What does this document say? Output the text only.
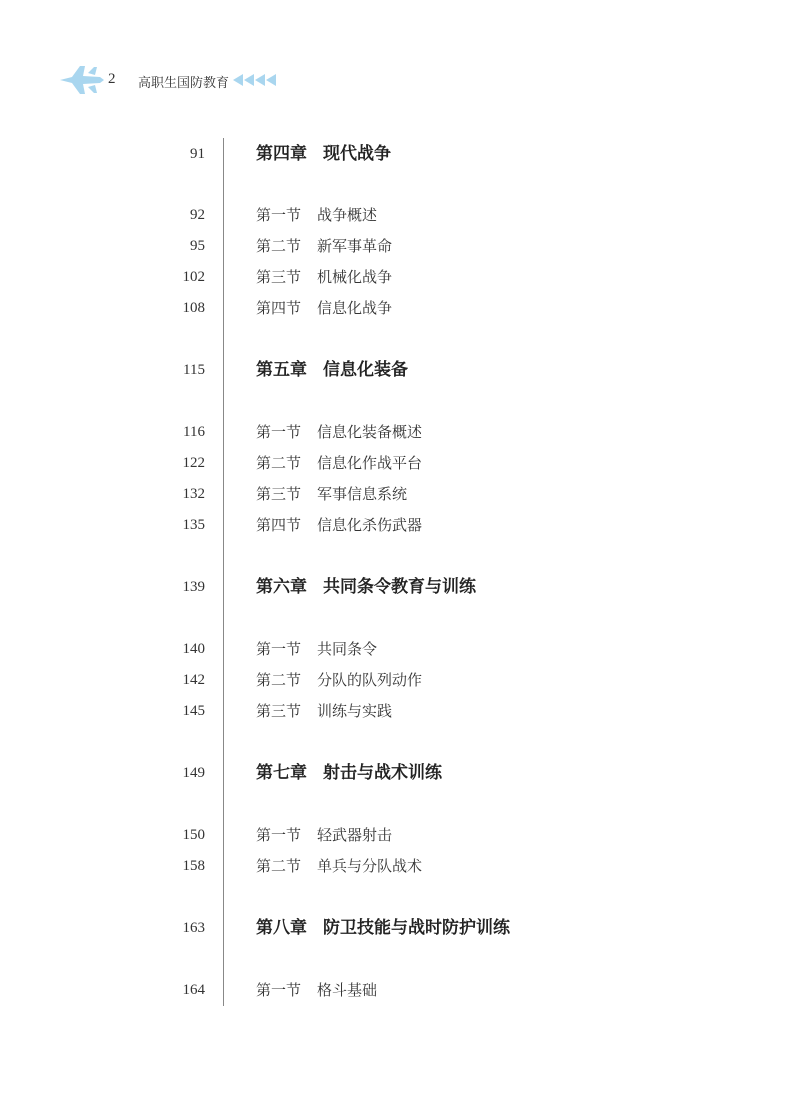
2 高职生国防教育
91	第四章 现代战争
92	第一节 战争概述
95	第二节 新军事革命
102	第三节 机械化战争
108	第四节 信息化战争
115	第五章 信息化装备
116	第一节 信息化装备概述
122	第二节 信息化作战平台
132	第三节 军事信息系统
135	第四节 信息化杀伤武器
139	第六章 共同条令教育与训练
140	第一节 共同条令
142	第二节 分队的队列动作
145	第三节 训练与实践
149	第七章 射击与战术训练
150	第一节 轻武器射击
158	第二节 单兵与分队战术
163	第八章 防卫技能与战时防护训练
164	第一节 格斗基础
